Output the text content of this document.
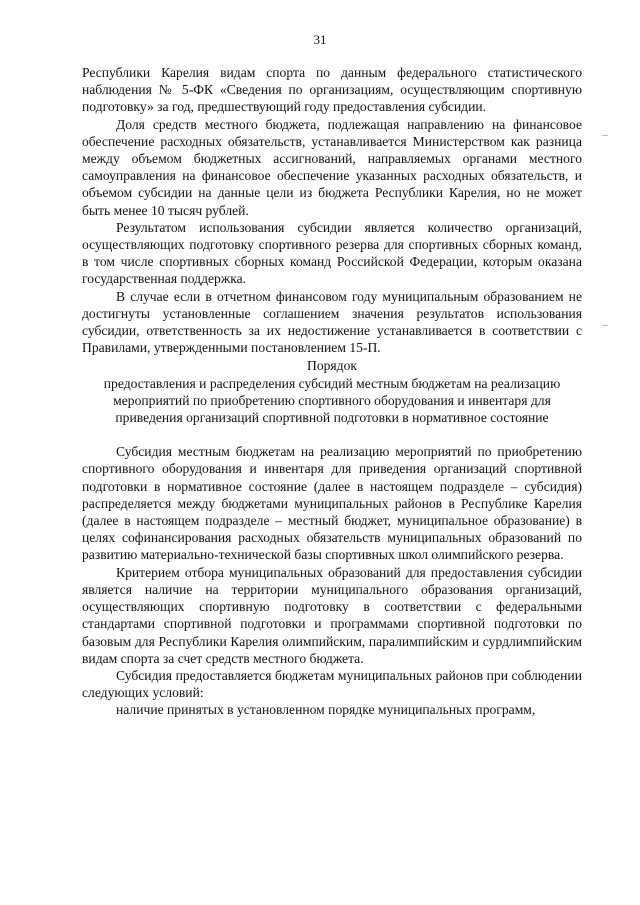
31

Республики Карелия видам спорта по данным федерального статистического наблюдения № 5-ФК «Сведения по организациям, осуществляющим спортивную подготовку» за год, предшествующий году предоставления субсидии.

Доля средств местного бюджета, подлежащая направлению на финансовое обеспечение расходных обязательств, устанавливается Министерством как разница между объемом бюджетных ассигнований, направляемых органами местного самоуправления на финансовое обеспечение указанных расходных обязательств, и объемом субсидии на данные цели из бюджета Республики Карелия, но не может быть менее 10 тысяч рублей.

Результатом использования субсидии является количество организаций, осуществляющих подготовку спортивного резерва для спортивных сборных команд, в том числе спортивных сборных команд Российской Федерации, которым оказана государственная поддержка.

В случае если в отчетном финансовом году муниципальным образованием не достигнуты установленные соглашением значения результатов использования субсидии, ответственность за их недостижение устанавливается в соответствии с Правилами, утвержденными постановлением 15-П.

Порядок
предоставления и распределения субсидий местным бюджетам на реализацию мероприятий по приобретению спортивного оборудования и инвентаря для приведения организаций спортивной подготовки в нормативное состояние

Субсидия местным бюджетам на реализацию мероприятий по приобретению спортивного оборудования и инвентаря для приведения организаций спортивной подготовки в нормативное состояние (далее в настоящем подразделе – субсидия) распределяется между бюджетами муниципальных районов в Республике Карелия (далее в настоящем подразделе – местный бюджет, муниципальное образование) в целях софинансирования расходных обязательств муниципальных образований по развитию материально-технической базы спортивных школ олимпийского резерва.

Критерием отбора муниципальных образований для предоставления субсидии является наличие на территории муниципального образования организаций, осуществляющих спортивную подготовку в соответствии с федеральными стандартами спортивной подготовки и программами спортивной подготовки по базовым для Республики Карелия олимпийским, паралимпийским и сурдлимпийским видам спорта за счет средств местного бюджета.

Субсидия предоставляется бюджетам муниципальных районов при соблюдении следующих условий:

наличие принятых в установленном порядке муниципальных программ,
